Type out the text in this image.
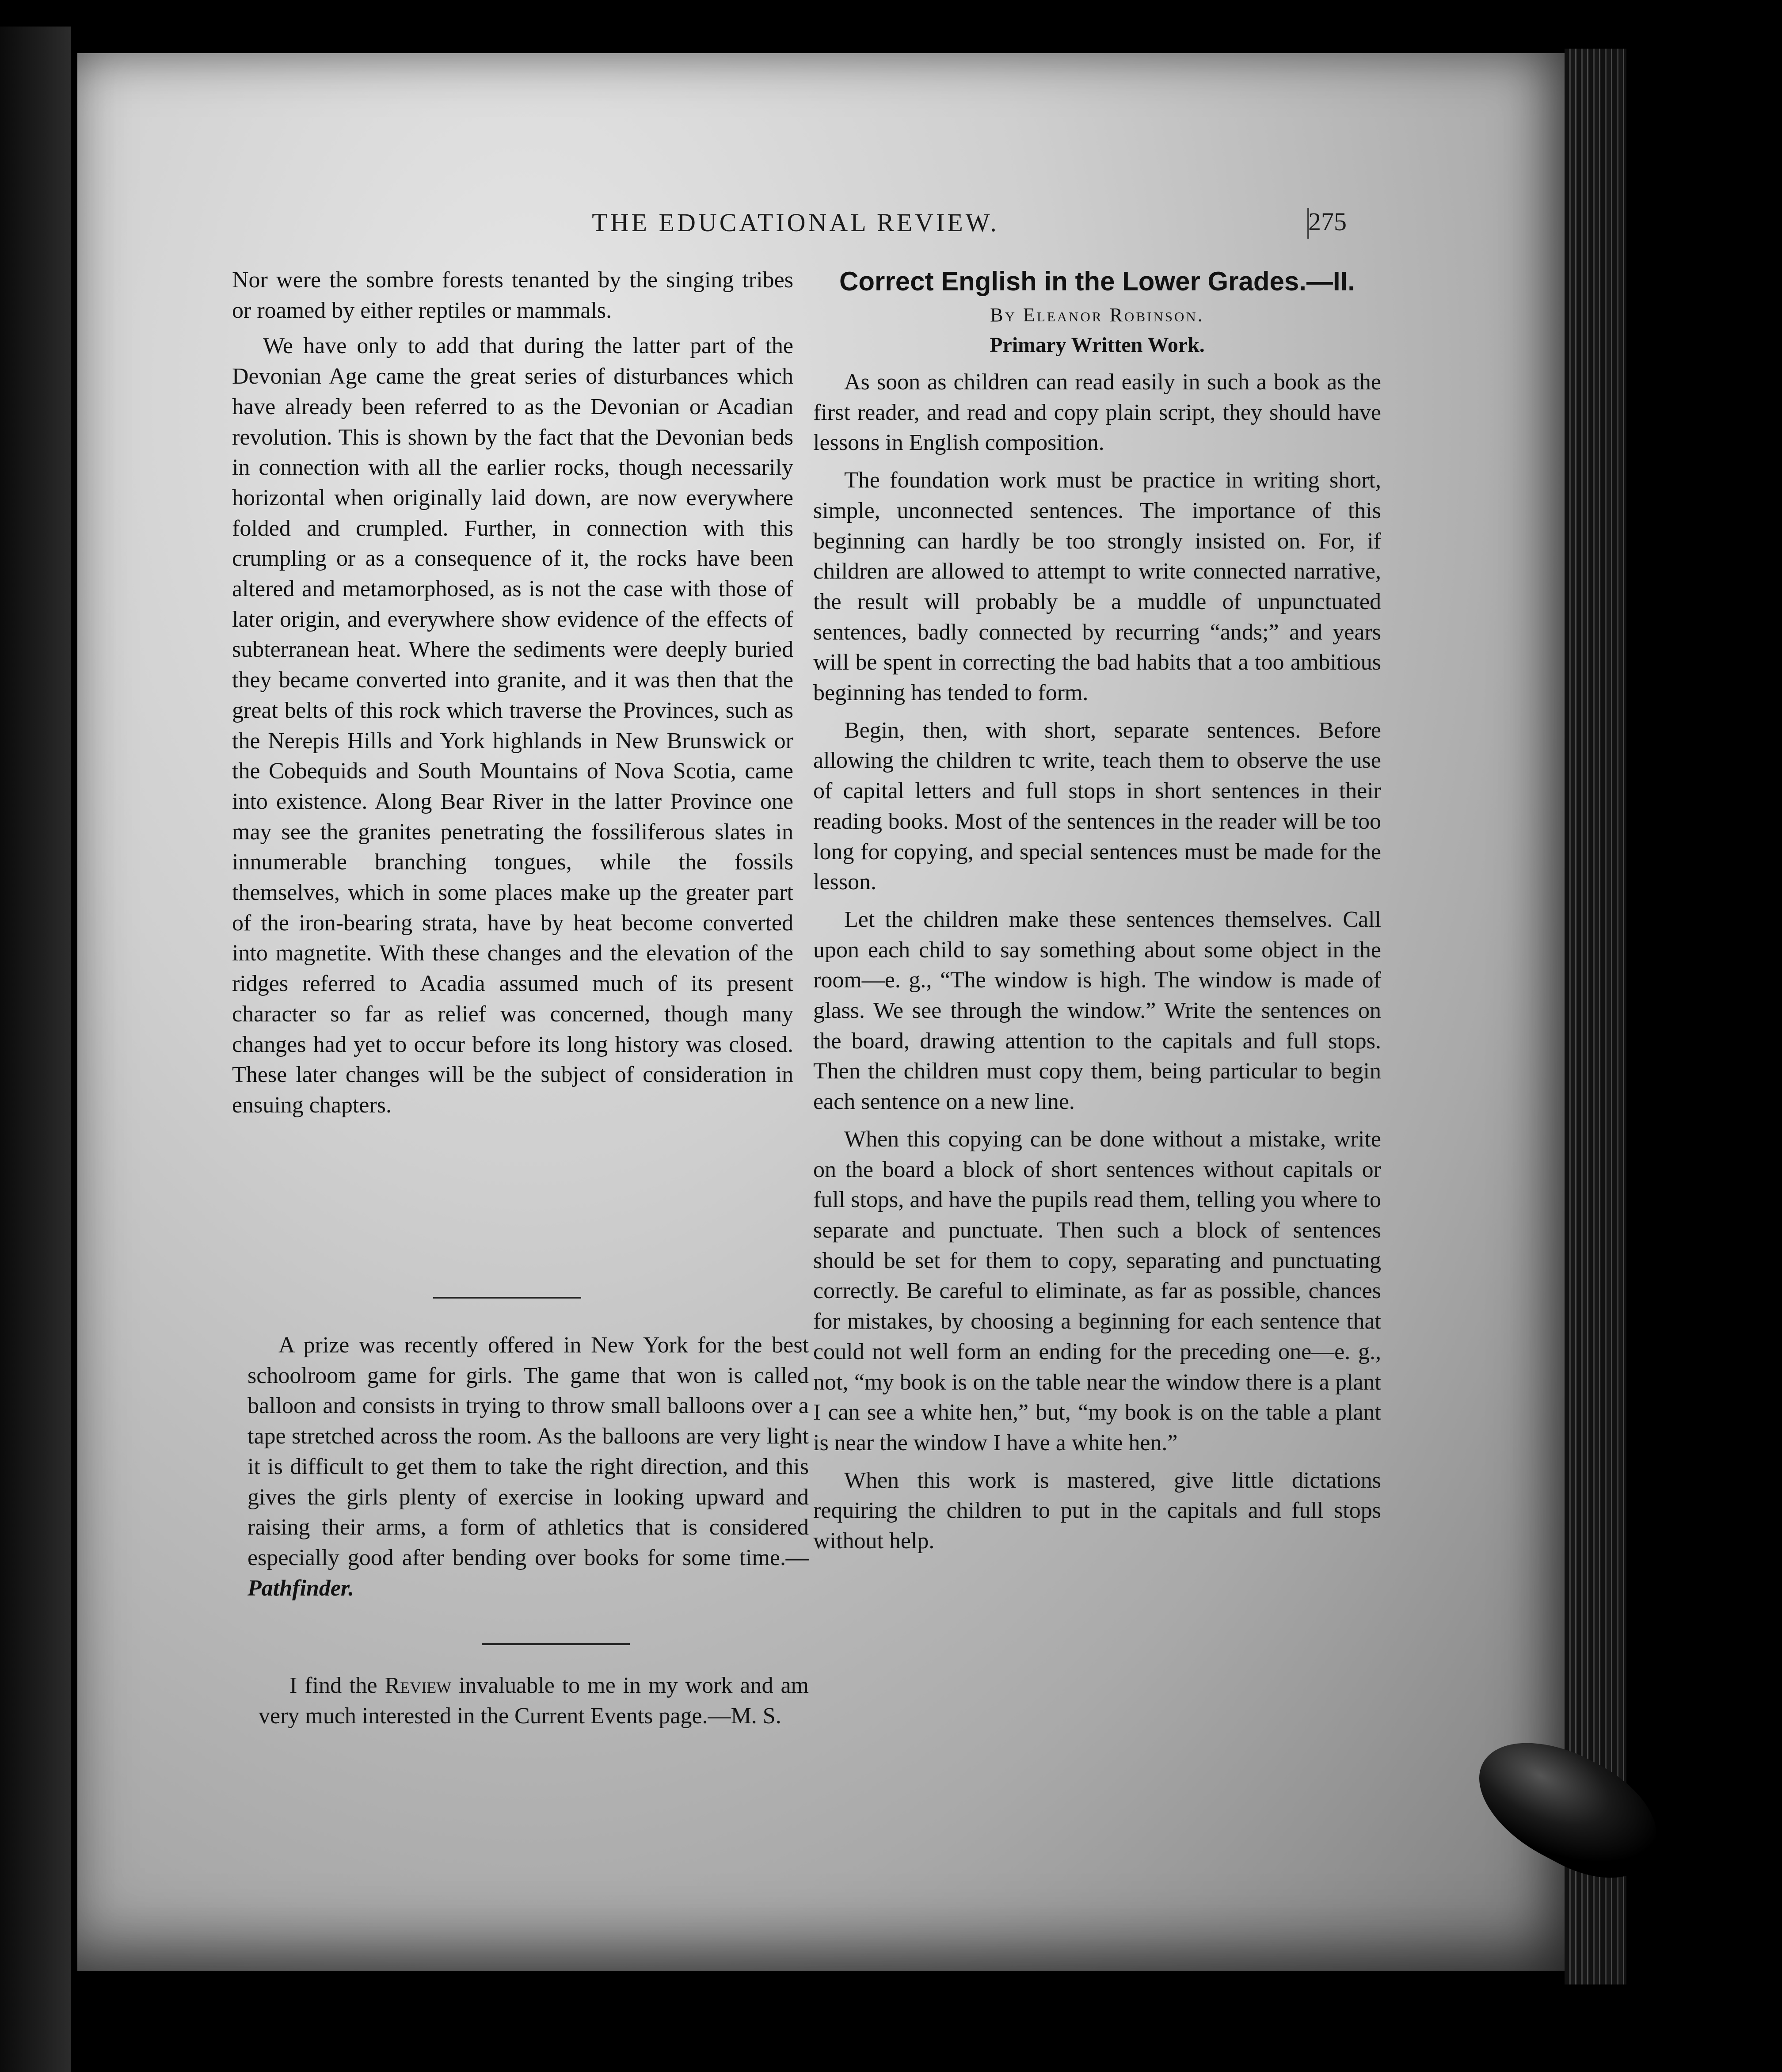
THE EDUCATIONAL REVIEW.	275

Nor were the sombre forests tenanted by the singing tribes or roamed by either reptiles or mammals.

We have only to add that during the latter part of the Devonian Age came the great series of disturbances which have already been referred to as the Devonian or Acadian revolution. This is shown by the fact that the Devonian beds in connection with all the earlier rocks, though necessarily horizontal when originally laid down, are now everywhere folded and crumpled. Further, in connection with this crumpling or as a consequence of it, the rocks have been altered and metamorphosed, as is not the case with those of later origin, and everywhere show evidence of the effects of subterranean heat. Where the sediments were deeply buried they became converted into granite, and it was then that the great belts of this rock which traverse the Provinces, such as the Nerepis Hills and York highlands in New Brunswick or the Cobequids and South Mountains of Nova Scotia, came into existence. Along Bear River in the latter Province one may see the granites penetrating the fossiliferous slates in innumerable branching tongues, while the fossils themselves, which in some places make up the greater part of the iron-bearing strata, have by heat become converted into magnetite. With these changes and the elevation of the ridges referred to Acadia assumed much of its present character so far as relief was concerned, though many changes had yet to occur before its long history was closed. These later changes will be the subject of consideration in ensuing chapters.

A prize was recently offered in New York for the best schoolroom game for girls. The game that won is called balloon and consists in trying to throw small balloons over a tape stretched across the room. As the balloons are very light it is difficult to get them to take the right direction, and this gives the girls plenty of exercise in looking upward and raising their arms, a form of athletics that is considered especially good after bending over books for some time.—Pathfinder.

I find the Review invaluable to me in my work and am very much interested in the Current Events page.—M. S.

Correct English in the Lower Grades.—II.
By Eleanor Robinson.
Primary Written Work.

As soon as children can read easily in such a book as the first reader, and read and copy plain script, they should have lessons in English composition.

The foundation work must be practice in writing short, simple, unconnected sentences. The importance of this beginning can hardly be too strongly insisted on. For, if children are allowed to attempt to write connected narrative, the result will probably be a muddle of unpunctuated sentences, badly connected by recurring “ands;” and years will be spent in correcting the bad habits that a too ambitious beginning has tended to form.

Begin, then, with short, separate sentences. Before allowing the children tc write, teach them to observe the use of capital letters and full stops in short sentences in their reading books. Most of the sentences in the reader will be too long for copying, and special sentences must be made for the lesson.

Let the children make these sentences themselves. Call upon each child to say something about some object in the room—e. g., “The window is high. The window is made of glass. We see through the window.” Write the sentences on the board, drawing attention to the capitals and full stops. Then the children must copy them, being particular to begin each sentence on a new line.

When this copying can be done without a mistake, write on the board a block of short sentences without capitals or full stops, and have the pupils read them, telling you where to separate and punctuate. Then such a block of sentences should be set for them to copy, separating and punctuating correctly. Be careful to eliminate, as far as possible, chances for mistakes, by choosing a beginning for each sentence that could not well form an ending for the preceding one—e. g., not, “my book is on the table near the window there is a plant I can see a white hen,” but, “my book is on the table a plant is near the window I have a white hen.”

When this work is mastered, give little dictations requiring the children to put in the capitals and full stops without help.
